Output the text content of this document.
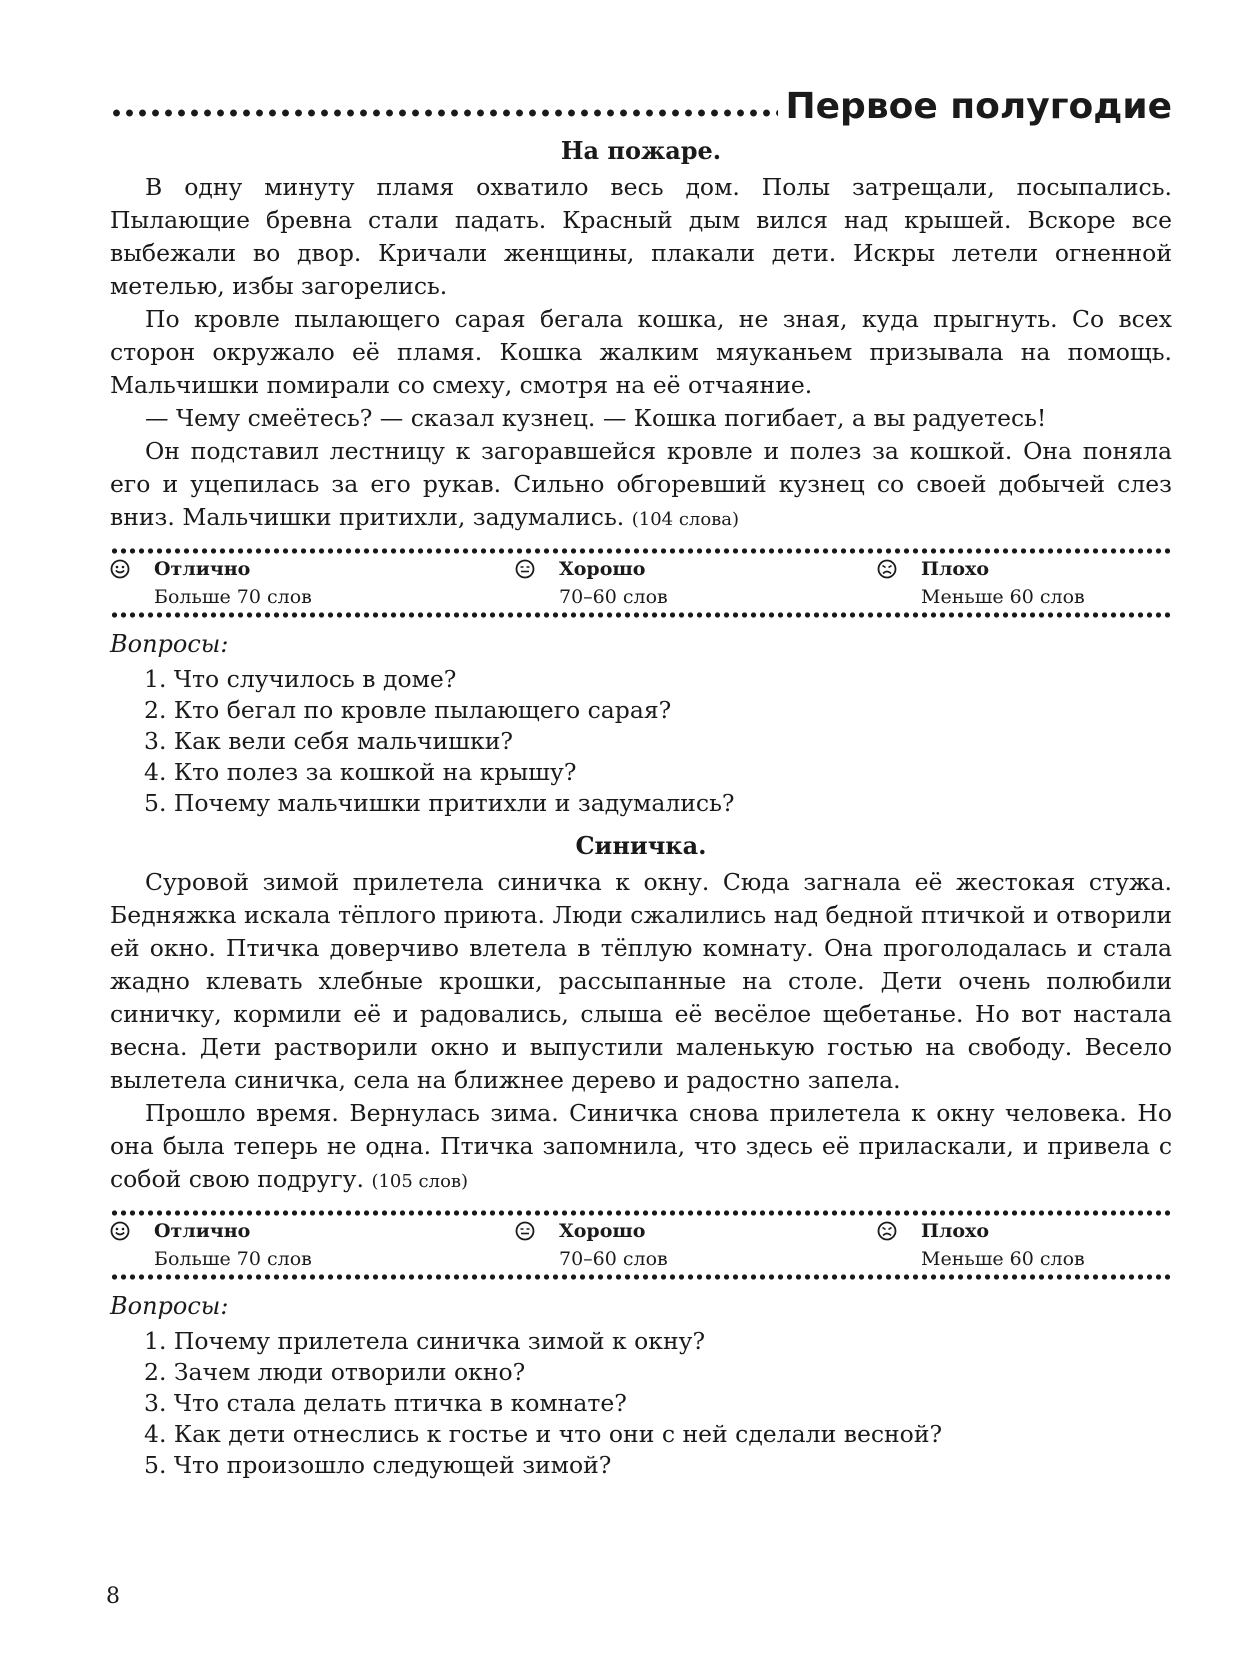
Первое полугодие
На пожаре.

В одну минуту пламя охватило весь дом. Полы затрещали, посыпались. Пылающие бревна стали падать. Красный дым вился над крышей. Вскоре все выбежали во двор. Кричали женщины, плакали дети. Искры летели огненной метелью, избы загорелись.

По кровле пылающего сарая бегала кошка, не зная, куда прыгнуть. Со всех сторон окружало её пламя. Кошка жалким мяуканьем призывала на помощь. Мальчишки помирали со смеху, смотря на её отчаяние.

— Чему смеётесь? — сказал кузнец. — Кошка погибает, а вы радуетесь!

Он подставил лестницу к загоравшейся кровле и полез за кошкой. Она поняла его и уцепилась за его рукав. Сильно обгоревший кузнец со своей добычей слез вниз. Мальчишки притихли, задумались. (104 слова)

Отлично
Больше 70 слов
Хорошо
70–60 слов
Плохо
Меньше 60 слов
Вопросы:
1. Что случилось в доме?
2. Кто бегал по кровле пылающего сарая?
3. Как вели себя мальчишки?
4. Кто полез за кошкой на крышу?
5. Почему мальчишки притихли и задумались?
Синичка.

Суровой зимой прилетела синичка к окну. Сюда загнала её жестокая стужа. Бедняжка искала тёплого приюта. Люди сжалились над бедной птичкой и отворили ей окно. Птичка доверчиво влетела в тёплую комнату. Она проголодалась и стала жадно клевать хлебные крошки, рассыпанные на столе. Дети очень полюбили синичку, кормили её и радовались, слыша её весёлое щебетанье. Но вот настала весна. Дети растворили окно и выпустили маленькую гостью на свободу. Весело вылетела синичка, села на ближнее дерево и радостно запела.

Прошло время. Вернулась зима. Синичка снова прилетела к окну человека. Но она была теперь не одна. Птичка запомнила, что здесь её приласкали, и привела с собой свою подругу. (105 слов)

Отлично
Больше 70 слов
Хорошо
70–60 слов
Плохо
Меньше 60 слов
Вопросы:
1. Почему прилетела синичка зимой к окну?
2. Зачем люди отворили окно?
3. Что стала делать птичка в комнате?
4. Как дети отнеслись к гостье и что они с ней сделали весной?
5. Что произошло следующей зимой?
8
